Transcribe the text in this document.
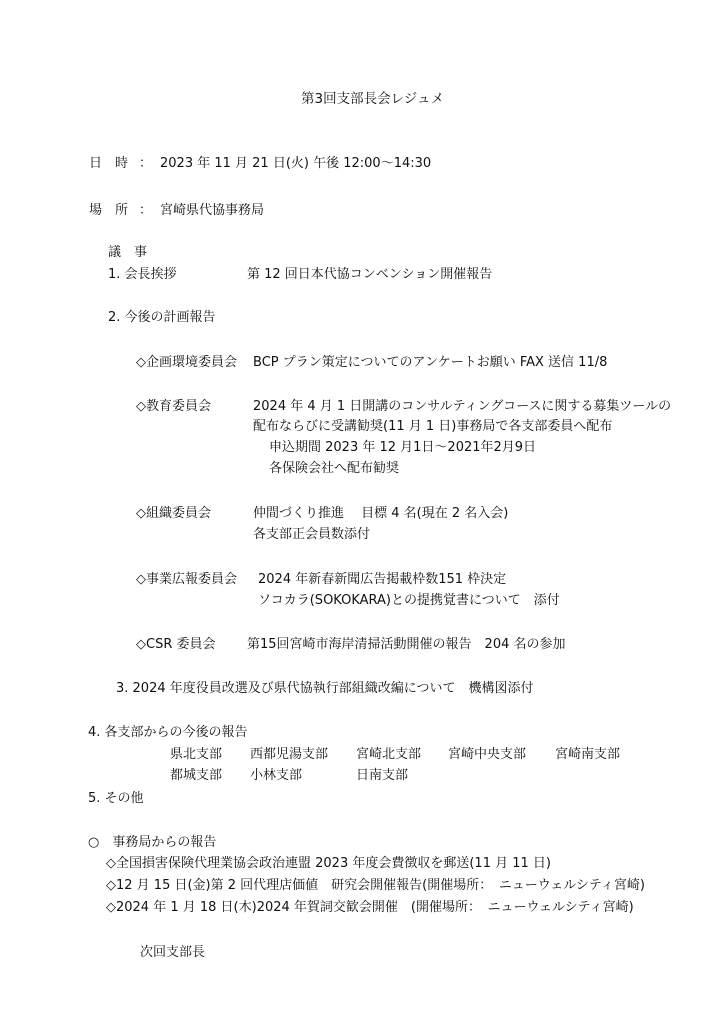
第3回支部長会レジュメ
日　時 ： 2023 年 11 月 21 日(火) 午後 12:00～14:30
場　所 ： 宮崎県代協事務局
議　事
1. 会長挨拶	第 12 回日本代協コンベンション開催報告
2. 今後の計画報告
◇企画環境委員会 BCP プラン策定についてのアンケートお願い FAX 送信 11/8
◇教育委員会	2024 年 4 月 1 日開講のコンサルティングコースに関する募集ツールの
配布ならびに受講勧奨(11 月 1 日)事務局で各支部委員へ配布
申込期間 2023 年 12 月1日～2021年2月9日
各保険会社へ配布勧奨
◇組織委員会	仲間づくり推進　 目標 4 名(現在 2 名入会)
各支部正会員数添付
◇事業広報委員会 2024 年新春新聞広告掲載枠数151 枠決定
ソコカラ(SOKOKARA)との提携覚書について　添付
◇CSR 委員会 第15回宮崎市海岸清掃活動開催の報告　204 名の参加
3. 2024 年度役員改選及び県代協執行部組織改編について　機構図添付
4. 各支部からの今後の報告
県北支部 西都児湯支部 宮崎北支部 宮崎中央支部 宮崎南支部
都城支部 小林支部	日南支部
5. その他
○　事務局からの報告
◇全国損害保険代理業協会政治連盟 2023 年度会費徴収を郵送(11 月 11 日)
◇12 月 15 日(金)第 2 回代理店価値　研究会開催報告(開催場所：　ニューウェルシティ宮崎)
◇2024 年 1 月 18 日(木)2024 年賀詞交歓会開催　(開催場所：　ニューウェルシティ宮崎)
次回支部長
